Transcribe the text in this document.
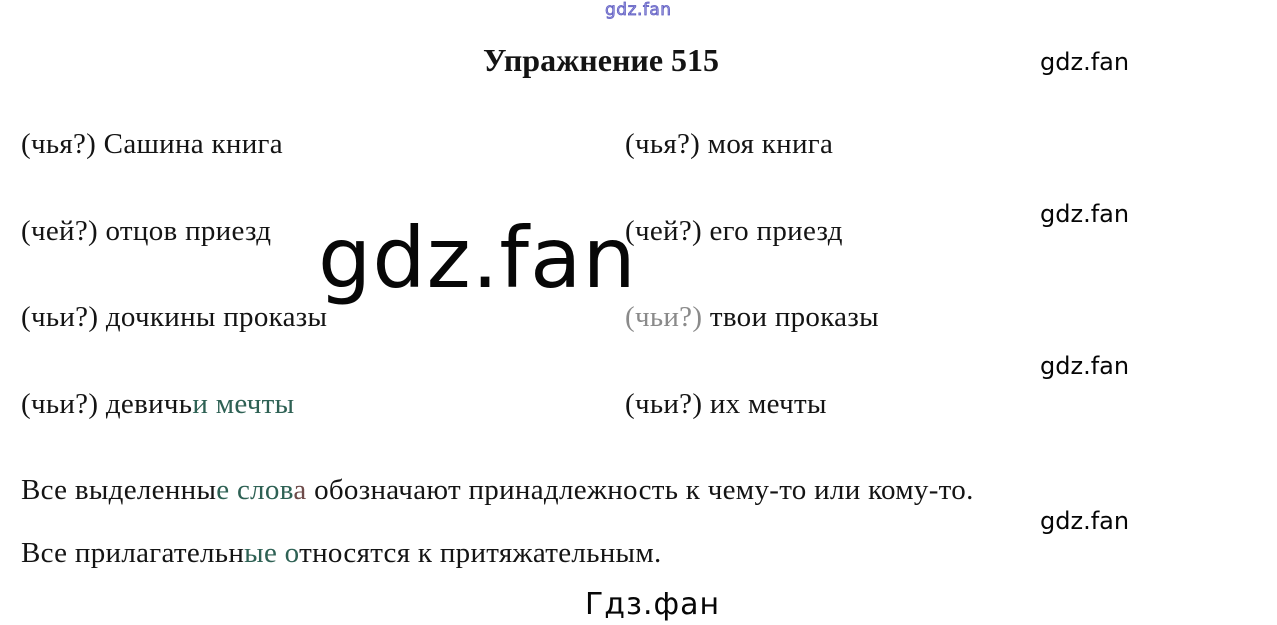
gdz.fan
Упражнение 515	gdz.fan
(чья?) Сашина книга	(чья?) моя книга
(чей?) отцов приезд	(чей?) его приезд
gdz.fan
gdz.fan
(чьи?) дочкины проказы	(чьи?) твои проказы
gdz.fan
(чьи?) девичьи мечты	(чьи?) их мечты
Все выделенные слова обозначают принадлежность к чему-то или кому-то.
gdz.fan
Все прилагательные относятся к притяжательным.
Гдз.фан
